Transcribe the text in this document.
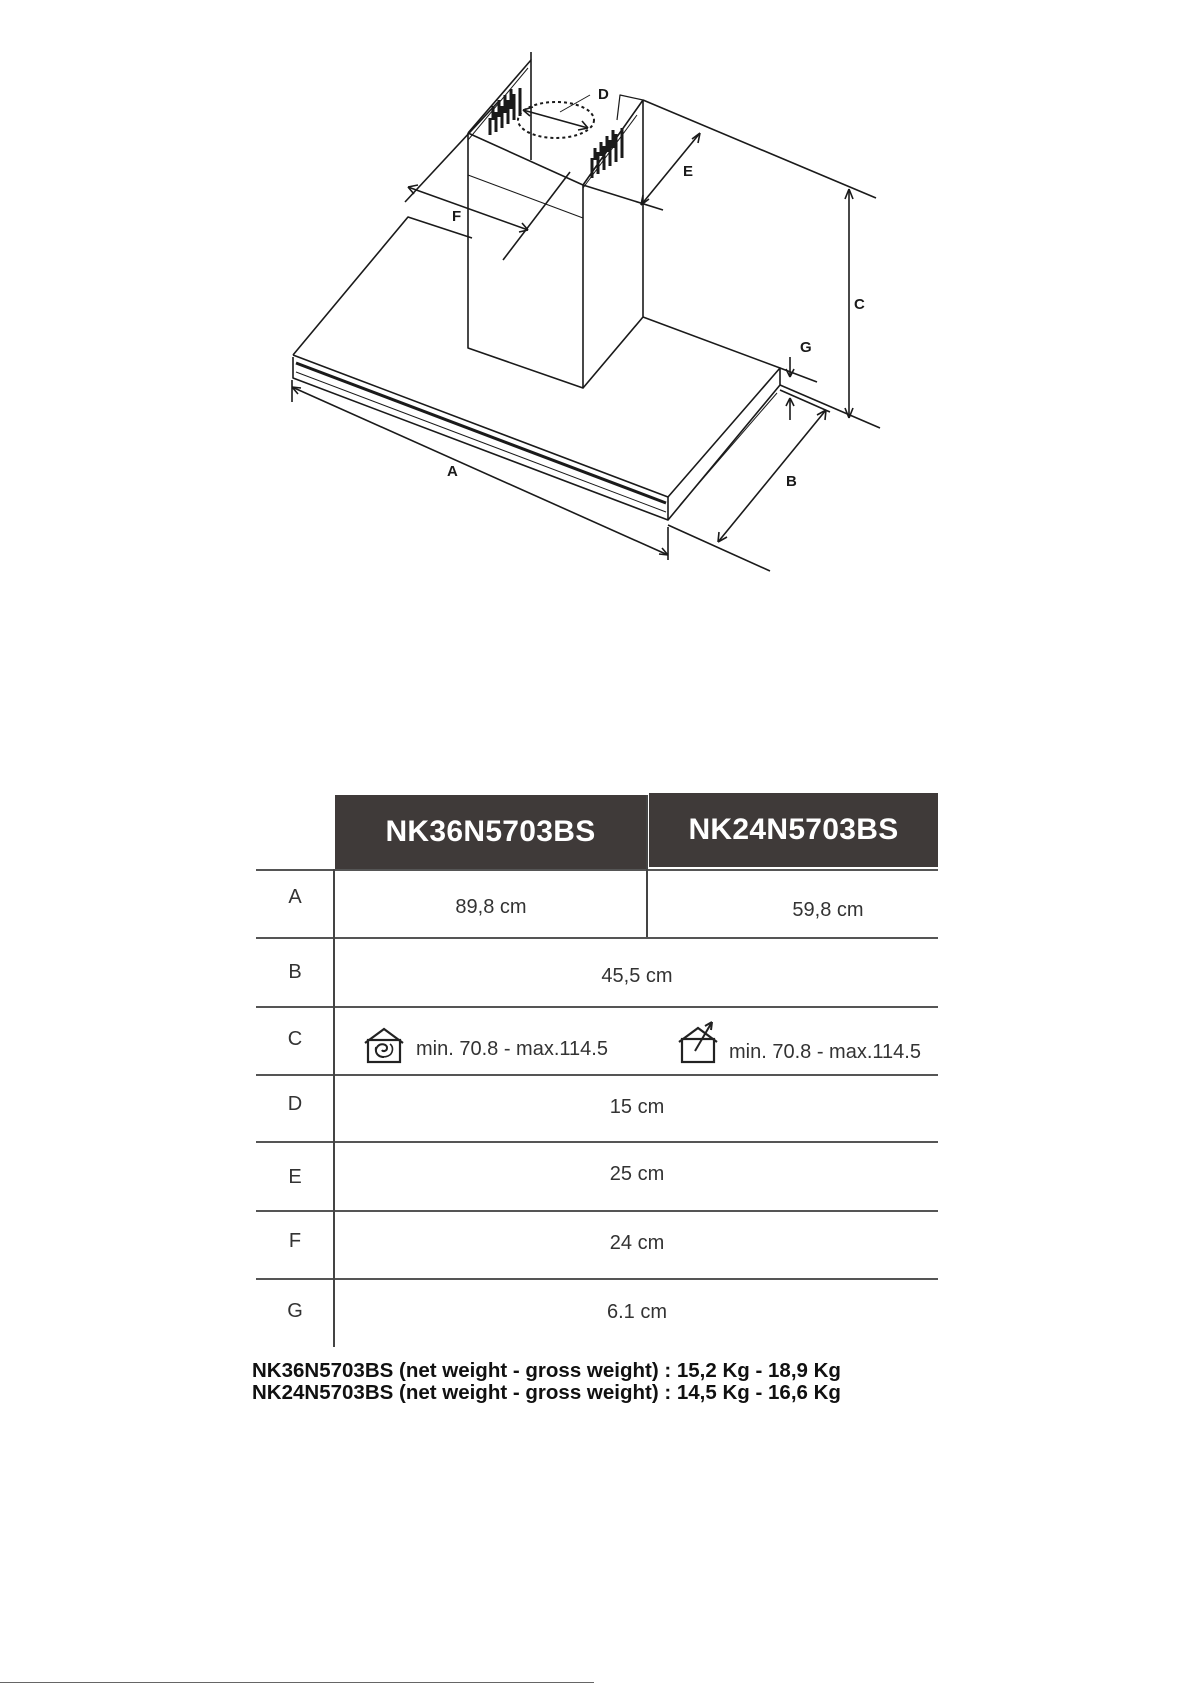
D
E
F
C
G
A
B
NK36N5703BS	NK24N5703BS
A	89,8 cm	59,8 cm
B	45,5 cm
C	min. 70.8 - max.114.5	min. 70.8 - max.114.5
D	15 cm
E	25 cm
F	24 cm
G	6.1 cm
NK36N5703BS (net weight - gross weight) : 15,2 Kg - 18,9 Kg
NK24N5703BS (net weight - gross weight) : 14,5 Kg - 16,6 Kg
